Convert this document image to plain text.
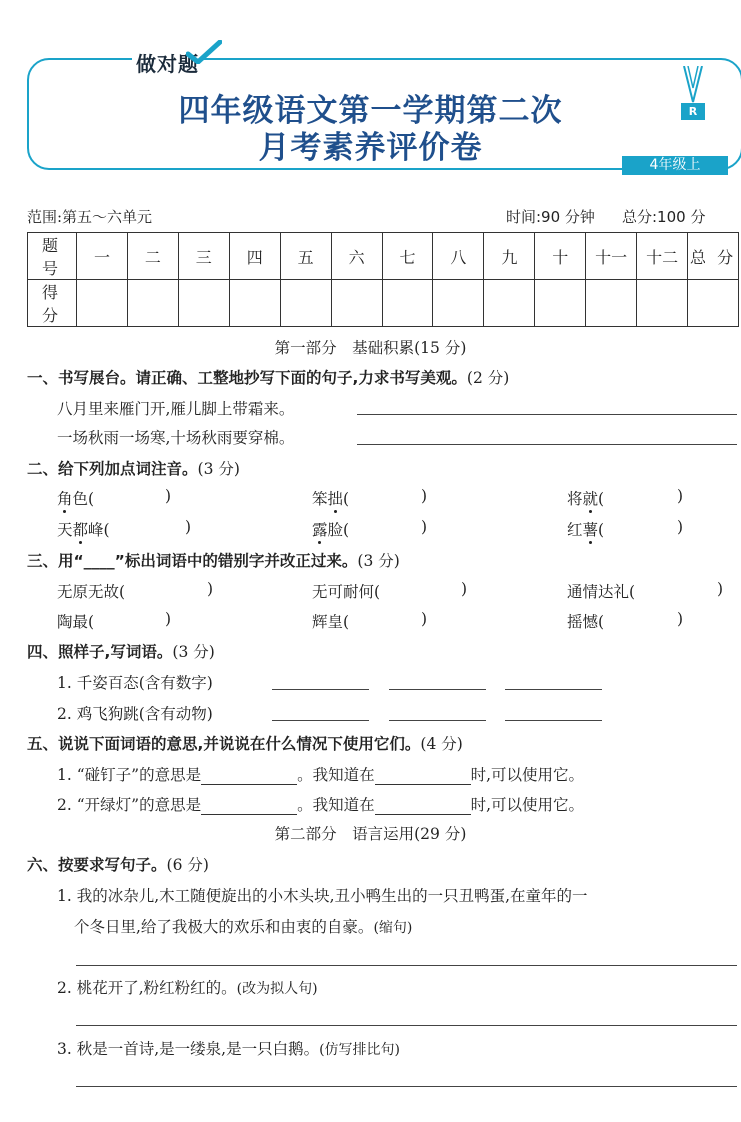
做对题
四年级语文第一学期第二次
月考素养评价卷
R
4年级上
范围:第五～六单元	时间:90 分钟 总分:100 分
题 号	一	二	三	四	五	六	七	八	九	十	十一	十二	总 分
得 分													
第一部分　基础积累(15 分)
一、书写展台。请正确、工整地抄写下面的句子,力求书写美观。(2 分)
八月里来雁门开,雁儿脚上带霜来。
一场秋雨一场寒,十场秋雨要穿棉。
二、给下列加点词注音。(3 分)
角色(	)	笨拙(	)	将就(	)
天都峰(	)	露脸(	)	红薯(	)
三、用“____”标出词语中的错别字并改正过来。(3 分)
无原无故(	)	无可耐何(	)	通情达礼(	)
陶最(	)	辉皇(	)	摇憾(	)
四、照样子,写词语。(3 分)
1. 千姿百态(含有数字)
2. 鸡飞狗跳(含有动物)
五、说说下面词语的意思,并说说在什么情况下使用它们。(4 分)
1. “碰钉子”的意思是	。我知道在	时,可以使用它。
2. “开绿灯”的意思是	。我知道在	时,可以使用它。
第二部分　语言运用(29 分)
六、按要求写句子。(6 分)
1. 我的冰杂儿,木工随便旋出的小木头块,丑小鸭生出的一只丑鸭蛋,在童年的一
个冬日里,给了我极大的欢乐和由衷的自豪。(缩句)
2. 桃花开了,粉红粉红的。(改为拟人句)
3. 秋是一首诗,是一缕泉,是一只白鹅。(仿写排比句)
